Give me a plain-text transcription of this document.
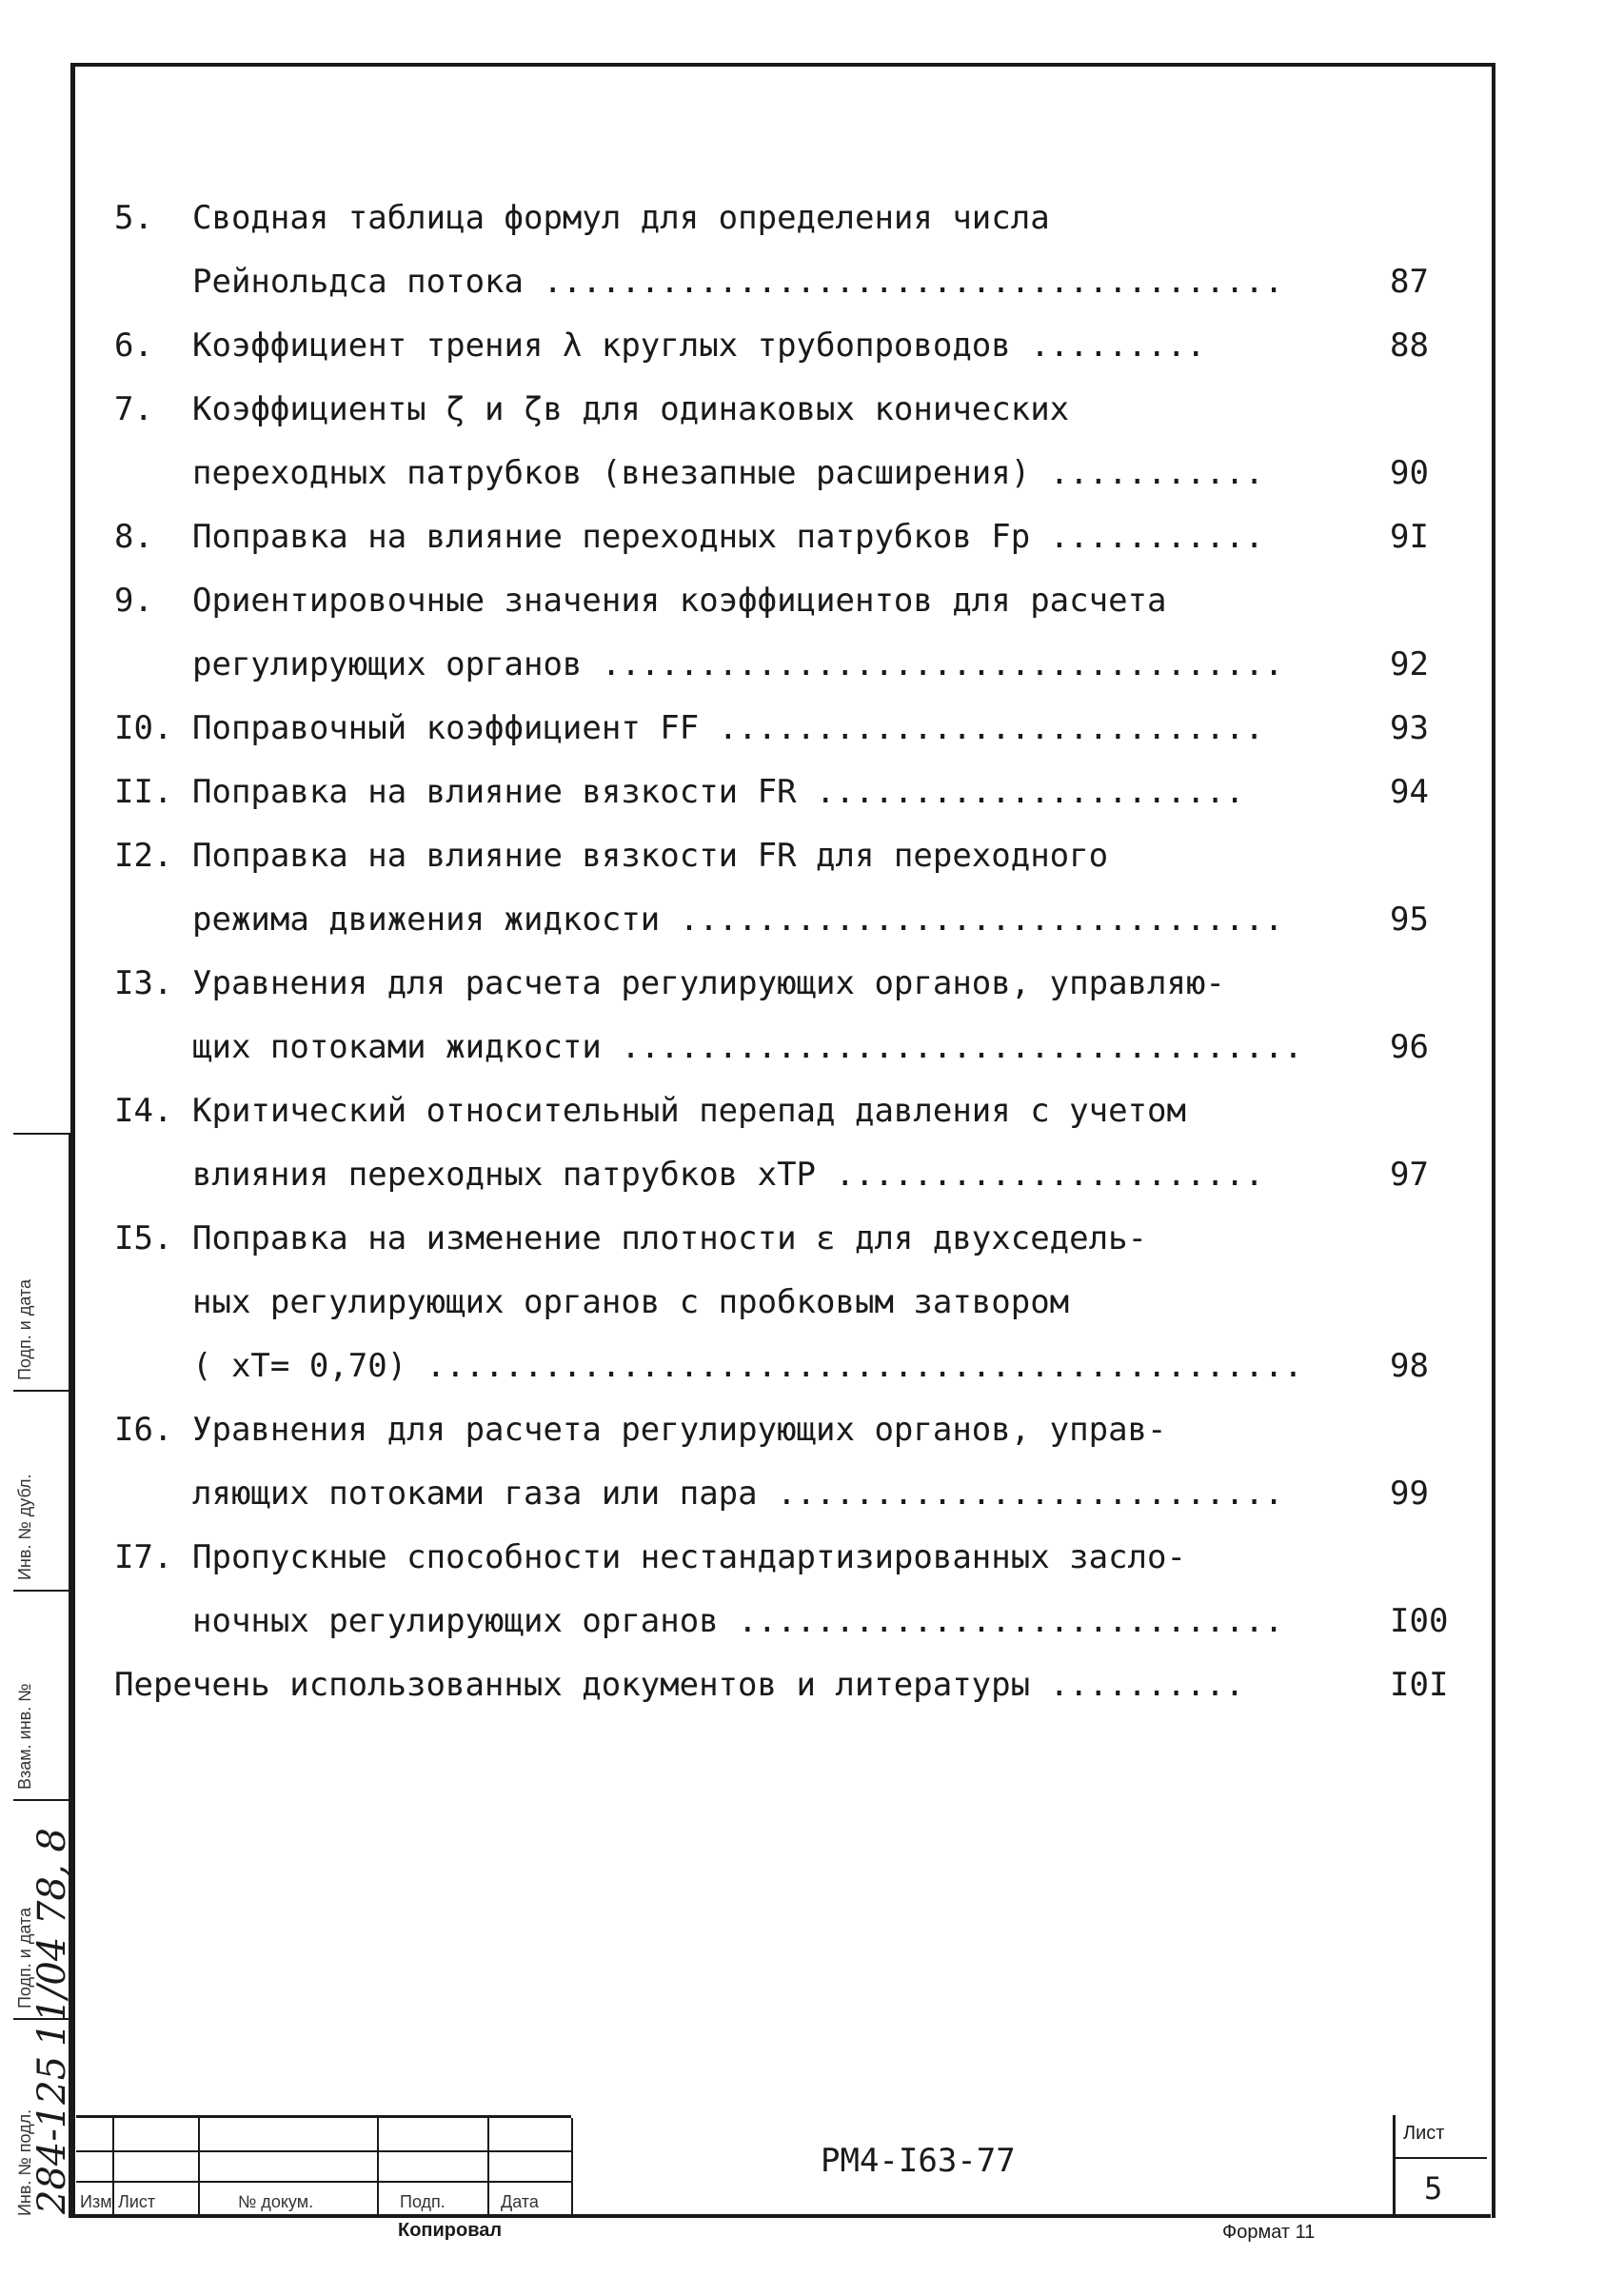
5. Сводная таблица формул для определения числа
Рейнольдса потока ......................................	87
6. Коэффициент трения λ круглых трубопроводов .........	88
7. Коэффициенты ζ и ζв для одинаковых конических
переходных патрубков (внезапные расширения) ...........	90
8. Поправка на влияние переходных патрубков Fp ...........	9I
9. Ориентировочные значения коэффициентов для расчета
регулирующих органов ...................................	92
I0. Поправочный коэффициент FF ............................	93
II. Поправка на влияние вязкости FR ......................	94
I2. Поправка на влияние вязкости FR для переходного
режима движения жидкости ...............................	95
I3. Уравнения для расчета регулирующих органов, управляю-
щих потоками жидкости ...................................	96
I4. Критический относительный перепад давления с учетом
влияния переходных патрубков xTP ......................	97
I5. Поправка на изменение плотности ε для двухседель-
ных регулирующих органов с пробковым затвором
( xT= 0,70) .............................................	98
I6. Уравнения для расчета регулирующих органов, управ-
ляющих потоками газа или пара ..........................	99
I7. Пропускные способности нестандартизированных засло-
ночных регулирующих органов ............................	I00
Перечень использованных документов и литературы ..........	I0I
Изм Лист	№ докум.	Подп.	Дата
РМ4-I63-77
Лист
5
Копировал	Формат 11
Инв. № подл.
Подп. и дата
Взам. инв. №
Инв. № дубл.
Подп. и дата
284-125
11/04 78, 8
